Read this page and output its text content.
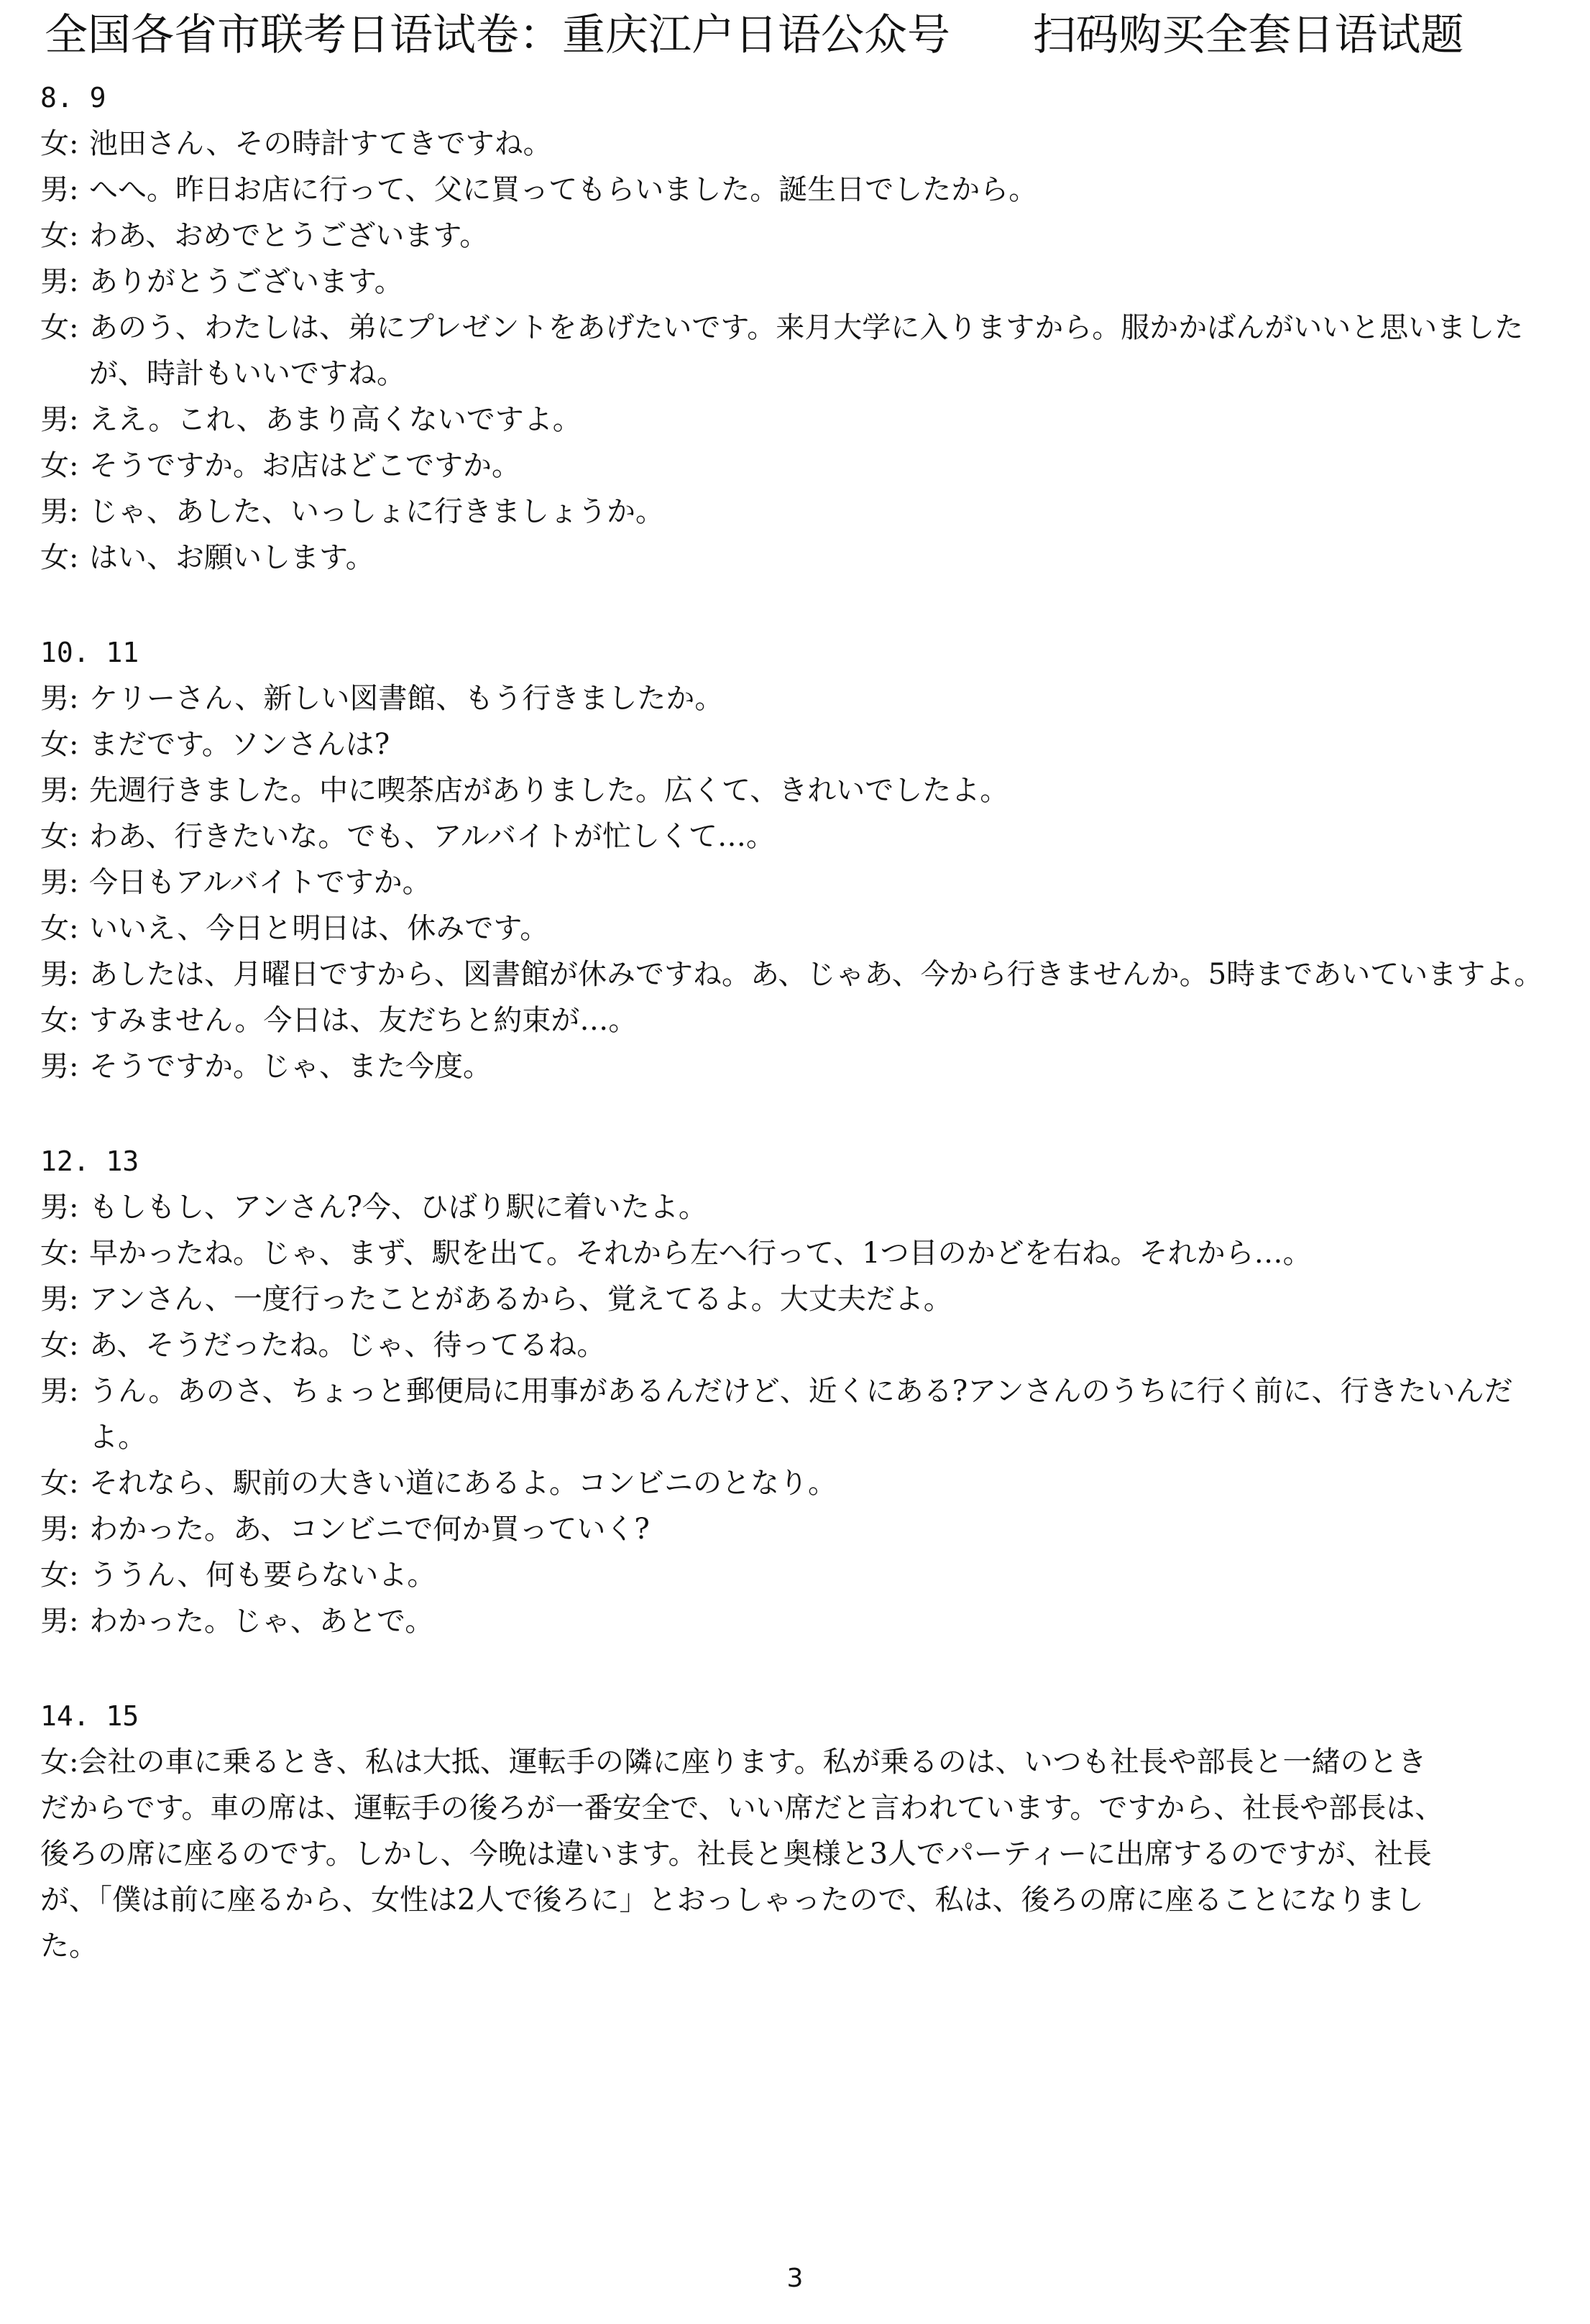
全国各省市联考日语试卷：重庆江户日语公众号 扫码购买全套日语试题
8. 9
女: 池田さん、その時計すてきですね。
男: へへ。昨日お店に行って、父に買ってもらいました。誕生日でしたから。
女: わあ、おめでとうございます。
男: ありがとうございます。
女: あのう、わたしは、弟にプレゼントをあげたいです。来月大学に入りますから。服かかばんがいいと思いましたが、時計もいいですね。
男: ええ。これ、あまり高くないですよ。
女: そうですか。お店はどこですか。
男: じゃ、あした、いっしょに行きましょうか。
女: はい、お願いします。
10. 11
男: ケリーさん、新しい図書館、もう行きましたか。
女: まだです。ソンさんは?
男: 先週行きました。中に喫茶店がありました。広くて、きれいでしたよ。
女: わあ、行きたいな。でも、アルバイトが忙しくて…。
男: 今日もアルバイトですか。
女: いいえ、今日と明日は、休みです。
男: あしたは、月曜日ですから、図書館が休みですね。あ、じゃあ、今から行きませんか。5時まであいていますよ。
女: すみません。今日は、友だちと約束が…。
男: そうですか。じゃ、また今度。
12. 13
男: もしもし、アンさん?今、ひばり駅に着いたよ。
女: 早かったね。じゃ、まず、駅を出て。それから左へ行って、1つ目のかどを右ね。それから…。
男: アンさん、一度行ったことがあるから、覚えてるよ。大丈夫だよ。
女: あ、そうだったね。じゃ、待ってるね。
男: うん。あのさ、ちょっと郵便局に用事があるんだけど、近くにある?アンさんのうちに行く前に、行きたいんだよ。
女: それなら、駅前の大きい道にあるよ。コンビニのとなり。
男: わかった。あ、コンビニで何か買っていく?
女: ううん、何も要らないよ。
男: わかった。じゃ、あとで。
14. 15
女:会社の車に乗るとき、私は大抵、運転手の隣に座ります。私が乗るのは、いつも社長や部長と一緒のとき
だからです。車の席は、運転手の後ろが一番安全で、いい席だと言われています。ですから、社長や部長は、
後ろの席に座るのです。しかし、今晩は違います。社長と奥様と3人でパーティーに出席するのですが、社長
が、「僕は前に座るから、女性は2人で後ろに」とおっしゃったので、私は、後ろの席に座ることになりまし
た。
3
